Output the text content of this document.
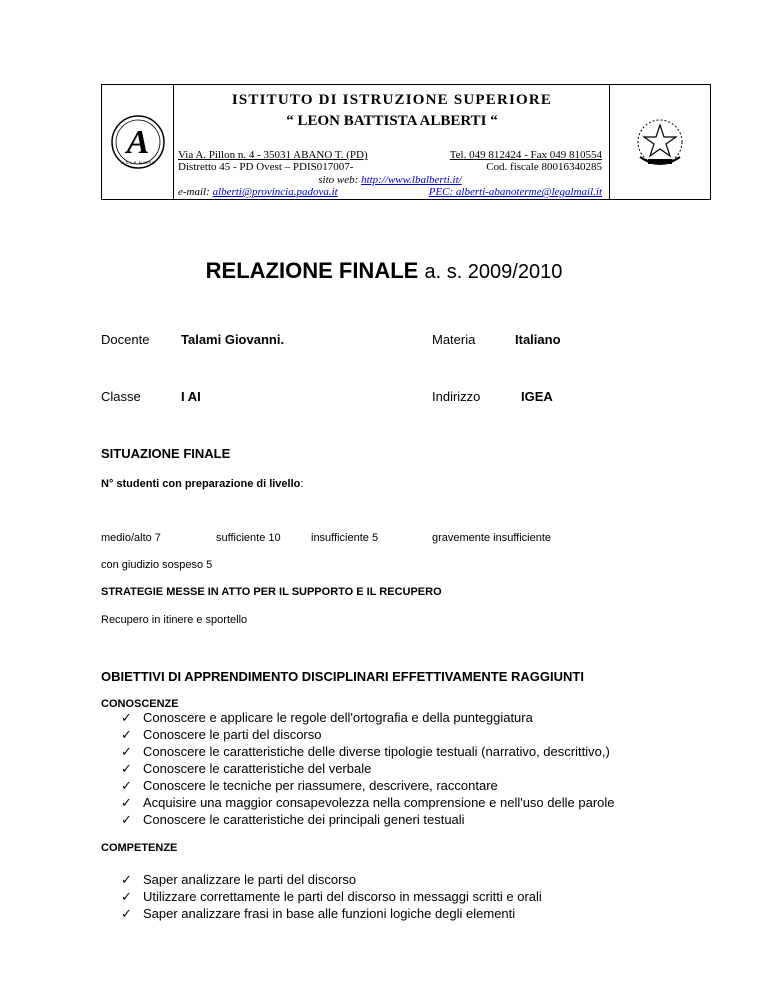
A
I.I.S. L.B. ALBERTI
ISTITUTO DI ISTRUZIONE SUPERIORE
“ LEON BATTISTA ALBERTI “
Via A. Pillon n. 4 - 35031 ABANO T. (PD)	Tel. 049 812424 - Fax 049 810554
Distretto 45 - PD Ovest – PDIS017007-	Cod. fiscale 80016340285
sito web: http://www.lbalberti.it/
e-mail: alberti@provincia.padova.it	PEC: alberti-abanoterme@legalmail.it
RELAZIONE FINALE a. s. 2009/2010
Docente Talami Giovanni.	Materia	Italiano
Classe	I AI	Indirizzo	IGEA
SITUAZIONE FINALE
N° studenti con preparazione di livello:
medio/alto 7	sufficiente 10	insufficiente 5	gravemente insufficiente
con giudizio sospeso 5
STRATEGIE MESSE IN ATTO PER IL SUPPORTO E IL RECUPERO
Recupero in itinere e sportello
OBIETTIVI DI APPRENDIMENTO DISCIPLINARI EFFETTIVAMENTE RAGGIUNTI
CONOSCENZE
✓ Conoscere e applicare le regole dell'ortografia e della punteggiatura
✓ Conoscere le parti del discorso
✓ Conoscere le caratteristiche delle diverse tipologie testuali (narrativo, descrittivo,)
✓ Conoscere le caratteristiche del verbale
✓ Conoscere le tecniche per riassumere, descrivere, raccontare
✓ Acquisire una maggior consapevolezza nella comprensione e nell'uso delle parole
✓ Conoscere le caratteristiche dei principali generi testuali
COMPETENZE
✓ Saper analizzare le parti del discorso
✓ Utilizzare correttamente le parti del discorso in messaggi scritti e orali
✓ Saper analizzare frasi in base alle funzioni logiche degli elementi
